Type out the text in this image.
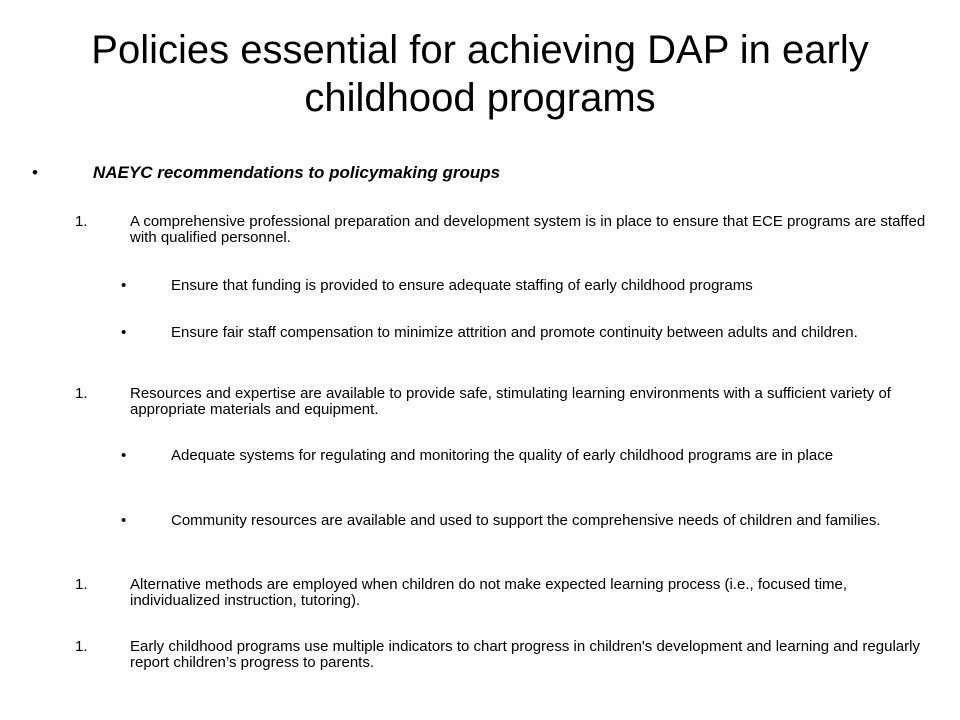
Policies essential for achieving DAP in early childhood programs
•	NAEYC recommendations to policymaking groups
1.	A comprehensive professional preparation and development system is in place to ensure that ECE programs are staffed with qualified personnel.
•	Ensure that funding is provided to ensure adequate staffing of early childhood programs
•	Ensure fair staff compensation to minimize attrition and promote continuity between adults and children.
1.	Resources and expertise are available to provide safe, stimulating learning environments with a sufficient variety of appropriate materials and equipment.
•	Adequate systems for regulating and monitoring the quality of early childhood programs are in place
•	Community resources are available and used to support the comprehensive needs of children and families.
1.	Alternative methods are employed when children do not make expected learning process (i.e., focused time, individualized instruction, tutoring).
1.	Early childhood programs use multiple indicators to chart progress in children's development and learning and regularly report children’s progress to parents.
